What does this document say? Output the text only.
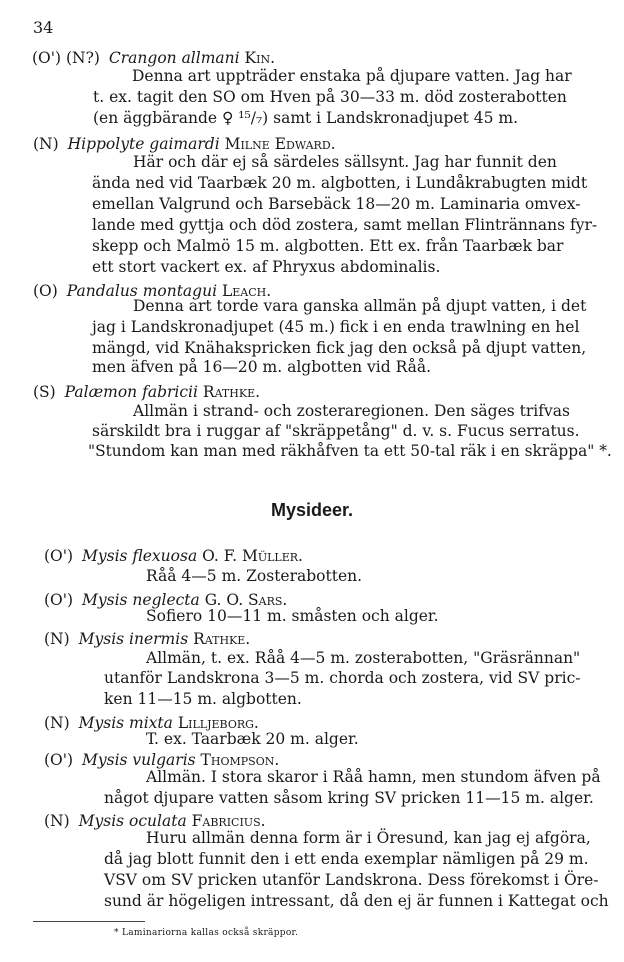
34
(O') (N?) Crangon allmani Kin.
Denna art uppträder enstaka på djupare vatten. Jag har
t. ex. tagit den SO om Hven på 30—33 m. död zosterabotten
(en äggbärande ♀ ¹⁵/₇) samt i Landskronadjupet 45 m.
(N) Hippolyte gaimardi Milne Edward.
Här och där ej så särdeles sällsynt. Jag har funnit den
ända ned vid Taarbæk 20 m. algbotten, i Lundåkrabugten midt
emellan Valgrund och Barsebäck 18—20 m. Laminaria omvex-
lande med gyttja och död zostera, samt mellan Flintrännans fyr-
skepp och Malmö 15 m. algbotten. Ett ex. från Taarbæk bar
ett stort vackert ex. af Phryxus abdominalis.
(O) Pandalus montagui Leach.
Denna art torde vara ganska allmän på djupt vatten, i det
jag i Landskronadjupet (45 m.) fick i en enda trawlning en hel
mängd, vid Knähakspricken fick jag den också på djupt vatten,
men äfven på 16—20 m. algbotten vid Råå.
(S) Palæmon fabricii Rathke.
Allmän i strand- och zosteraregionen. Den säges trifvas
särskildt bra i ruggar af "skräppetång" d. v. s. Fucus serratus.
"Stundom kan man med räkhåfven ta ett 50-tal räk i en skräppa" *.
Mysideer.
(O') Mysis flexuosa O. F. Müller.
Råå 4—5 m. Zosterabotten.
(O') Mysis neglecta G. O. Sars.
Sofiero 10—11 m. småsten och alger.
(N) Mysis inermis Rathke.
Allmän, t. ex. Råå 4—5 m. zosterabotten, "Gräsrännan"
utanför Landskrona 3—5 m. chorda och zostera, vid SV pric-
ken 11—15 m. algbotten.
(N) Mysis mixta Lilljeborg.
T. ex. Taarbæk 20 m. alger.
(O') Mysis vulgaris Thompson.
Allmän. I stora skaror i Råå hamn, men stundom äfven på
något djupare vatten såsom kring SV pricken 11—15 m. alger.
(N) Mysis oculata Fabricius.
Huru allmän denna form är i Öresund, kan jag ej afgöra,
då jag blott funnit den i ett enda exemplar nämligen på 29 m.
VSV om SV pricken utanför Landskrona. Dess förekomst i Öre-
sund är högeligen intressant, då den ej är funnen i Kattegat och
* Laminariorna kallas också skräppor.
